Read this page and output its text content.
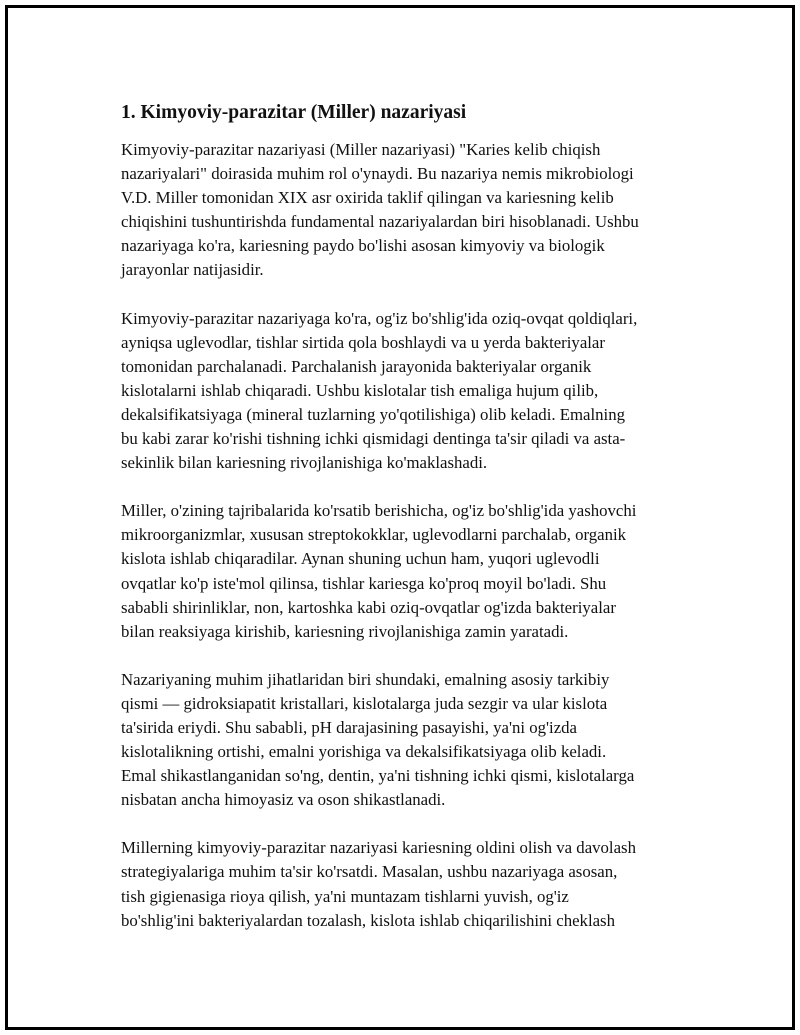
1. Kimyoviy-parazitar (Miller) nazariyasi

Kimyoviy-parazitar nazariyasi (Miller nazariyasi) "Karies kelib chiqish
nazariyalari" doirasida muhim rol o'ynaydi. Bu nazariya nemis mikrobiologi
V.D. Miller tomonidan XIX asr oxirida taklif qilingan va kariesning kelib
chiqishini tushuntirishda fundamental nazariyalardan biri hisoblanadi. Ushbu
nazariyaga ko'ra, kariesning paydo bo'lishi asosan kimyoviy va biologik
jarayonlar natijasidir.

Kimyoviy-parazitar nazariyaga ko'ra, og'iz bo'shlig'ida oziq-ovqat qoldiqlari,
ayniqsa uglevodlar, tishlar sirtida qola boshlaydi va u yerda bakteriyalar
tomonidan parchalanadi. Parchalanish jarayonida bakteriyalar organik
kislotalarni ishlab chiqaradi. Ushbu kislotalar tish emaliga hujum qilib,
dekalsifikatsiyaga (mineral tuzlarning yo'qotilishiga) olib keladi. Emalning
bu kabi zarar ko'rishi tishning ichki qismidagi dentinga ta'sir qiladi va asta-
sekinlik bilan kariesning rivojlanishiga ko'maklashadi.

Miller, o'zining tajribalarida ko'rsatib berishicha, og'iz bo'shlig'ida yashovchi
mikroorganizmlar, xususan streptokokklar, uglevodlarni parchalab, organik
kislota ishlab chiqaradilar. Aynan shuning uchun ham, yuqori uglevodli
ovqatlar ko'p iste'mol qilinsa, tishlar kariesga ko'proq moyil bo'ladi. Shu
sababli shirinliklar, non, kartoshka kabi oziq-ovqatlar og'izda bakteriyalar
bilan reaksiyaga kirishib, kariesning rivojlanishiga zamin yaratadi.

Nazariyaning muhim jihatlaridan biri shundaki, emalning asosiy tarkibiy
qismi — gidroksiapatit kristallari, kislotalarga juda sezgir va ular kislota
ta'sirida eriydi. Shu sababli, pH darajasining pasayishi, ya'ni og'izda
kislotalikning ortishi, emalni yorishiga va dekalsifikatsiyaga olib keladi.
Emal shikastlanganidan so'ng, dentin, ya'ni tishning ichki qismi, kislotalarga
nisbatan ancha himoyasiz va oson shikastlanadi.

Millerning kimyoviy-parazitar nazariyasi kariesning oldini olish va davolash
strategiyalariga muhim ta'sir ko'rsatdi. Masalan, ushbu nazariyaga asosan,
tish gigienasiga rioya qilish, ya'ni muntazam tishlarni yuvish, og'iz
bo'shlig'ini bakteriyalardan tozalash, kislota ishlab chiqarilishini cheklash
